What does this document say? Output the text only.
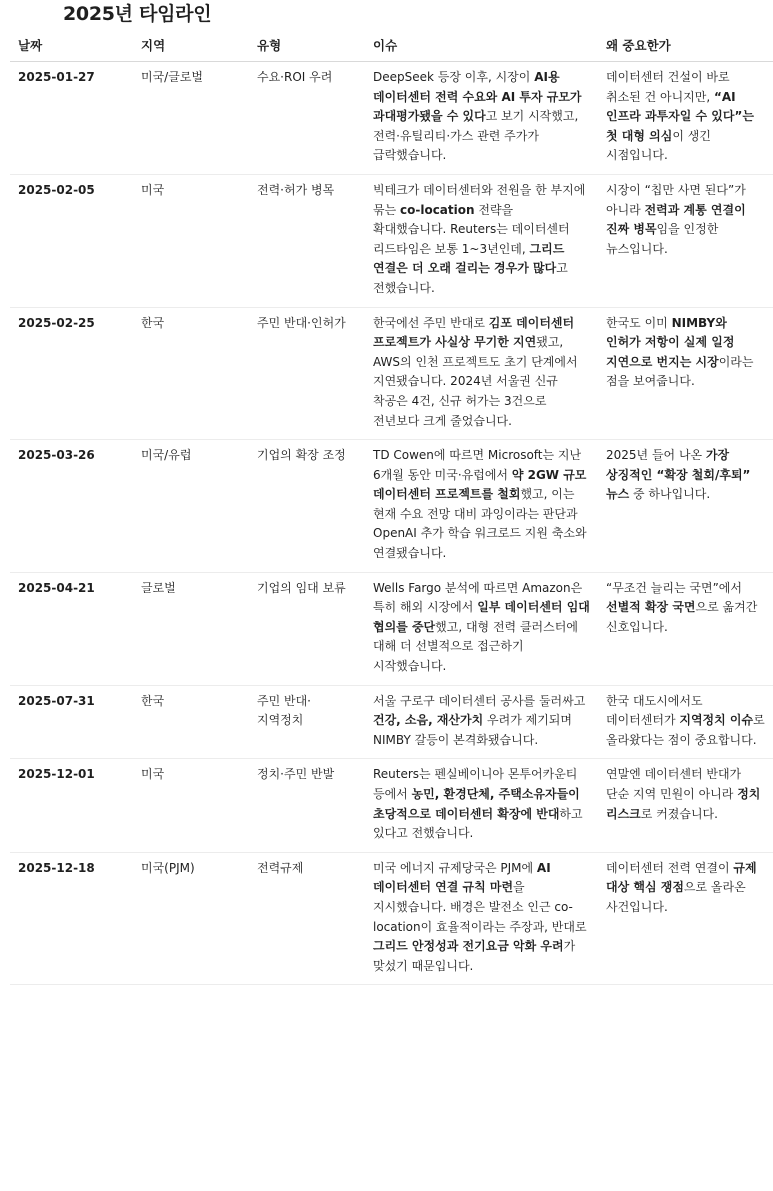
2025년 타임라인
날짜	지역	유형	이슈	왜 중요한가
2025-01-27	미국/글로벌	수요·ROI 우려	DeepSeek 등장 이후, 시장이 AI용 데이터센터 전력 수요와 AI 투자 규모가 과대평가됐을 수 있다고 보기 시작했고, 전력·유틸리티·가스 관련 주가가 급락했습니다.	데이터센터 건설이 바로 취소된 건 아니지만, “AI 인프라 과투자일 수 있다”는 첫 대형 의심이 생긴 시점입니다.
2025-02-05	미국	전력·허가 병목	빅테크가 데이터센터와 전원을 한 부지에 묶는 co-location 전략을 확대했습니다. Reuters는 데이터센터 리드타임은 보통 1~3년인데, 그리드 연결은 더 오래 걸리는 경우가 많다고 전했습니다.	시장이 “칩만 사면 된다”가 아니라 전력과 계통 연결이 진짜 병목임을 인정한 뉴스입니다.
2025-02-25	한국	주민 반대·인허가	한국에선 주민 반대로 김포 데이터센터 프로젝트가 사실상 무기한 지연됐고, AWS의 인천 프로젝트도 초기 단계에서 지연됐습니다. 2024년 서울권 신규 착공은 4건, 신규 허가는 3건으로 전년보다 크게 줄었습니다.	한국도 이미 NIMBY와 인허가 저항이 실제 일정 지연으로 번지는 시장이라는 점을 보여줍니다.
2025-03-26	미국/유럽	기업의 확장 조정	TD Cowen에 따르면 Microsoft는 지난 6개월 동안 미국·유럽에서 약 2GW 규모 데이터센터 프로젝트를 철회했고, 이는 현재 수요 전망 대비 과잉이라는 판단과 OpenAI 추가 학습 워크로드 지원 축소와 연결됐습니다.	2025년 들어 나온 가장 상징적인 “확장 철회/후퇴” 뉴스 중 하나입니다.
2025-04-21	글로벌	기업의 임대 보류	Wells Fargo 분석에 따르면 Amazon은 특히 해외 시장에서 일부 데이터센터 임대 협의를 중단했고, 대형 전력 클러스터에 대해 더 선별적으로 접근하기 시작했습니다.	“무조건 늘리는 국면”에서 선별적 확장 국면으로 옮겨간 신호입니다.
2025-07-31	한국	주민 반대·지역정치	서울 구로구 데이터센터 공사를 둘러싸고 건강, 소음, 재산가치 우려가 제기되며 NIMBY 갈등이 본격화됐습니다.	한국 대도시에서도 데이터센터가 지역정치 이슈로 올라왔다는 점이 중요합니다.
2025-12-01	미국	정치·주민 반발	Reuters는 펜실베이니아 몬투어카운티 등에서 농민, 환경단체, 주택소유자들이 초당적으로 데이터센터 확장에 반대하고 있다고 전했습니다.	연말엔 데이터센터 반대가 단순 지역 민원이 아니라 정치 리스크로 커졌습니다.
2025-12-18	미국(PJM)	전력규제	미국 에너지 규제당국은 PJM에 AI 데이터센터 연결 규칙 마련을 지시했습니다. 배경은 발전소 인근 co-location이 효율적이라는 주장과, 반대로 그리드 안정성과 전기요금 악화 우려가 맞섰기 때문입니다.	데이터센터 전력 연결이 규제 대상 핵심 쟁점으로 올라온 사건입니다.
